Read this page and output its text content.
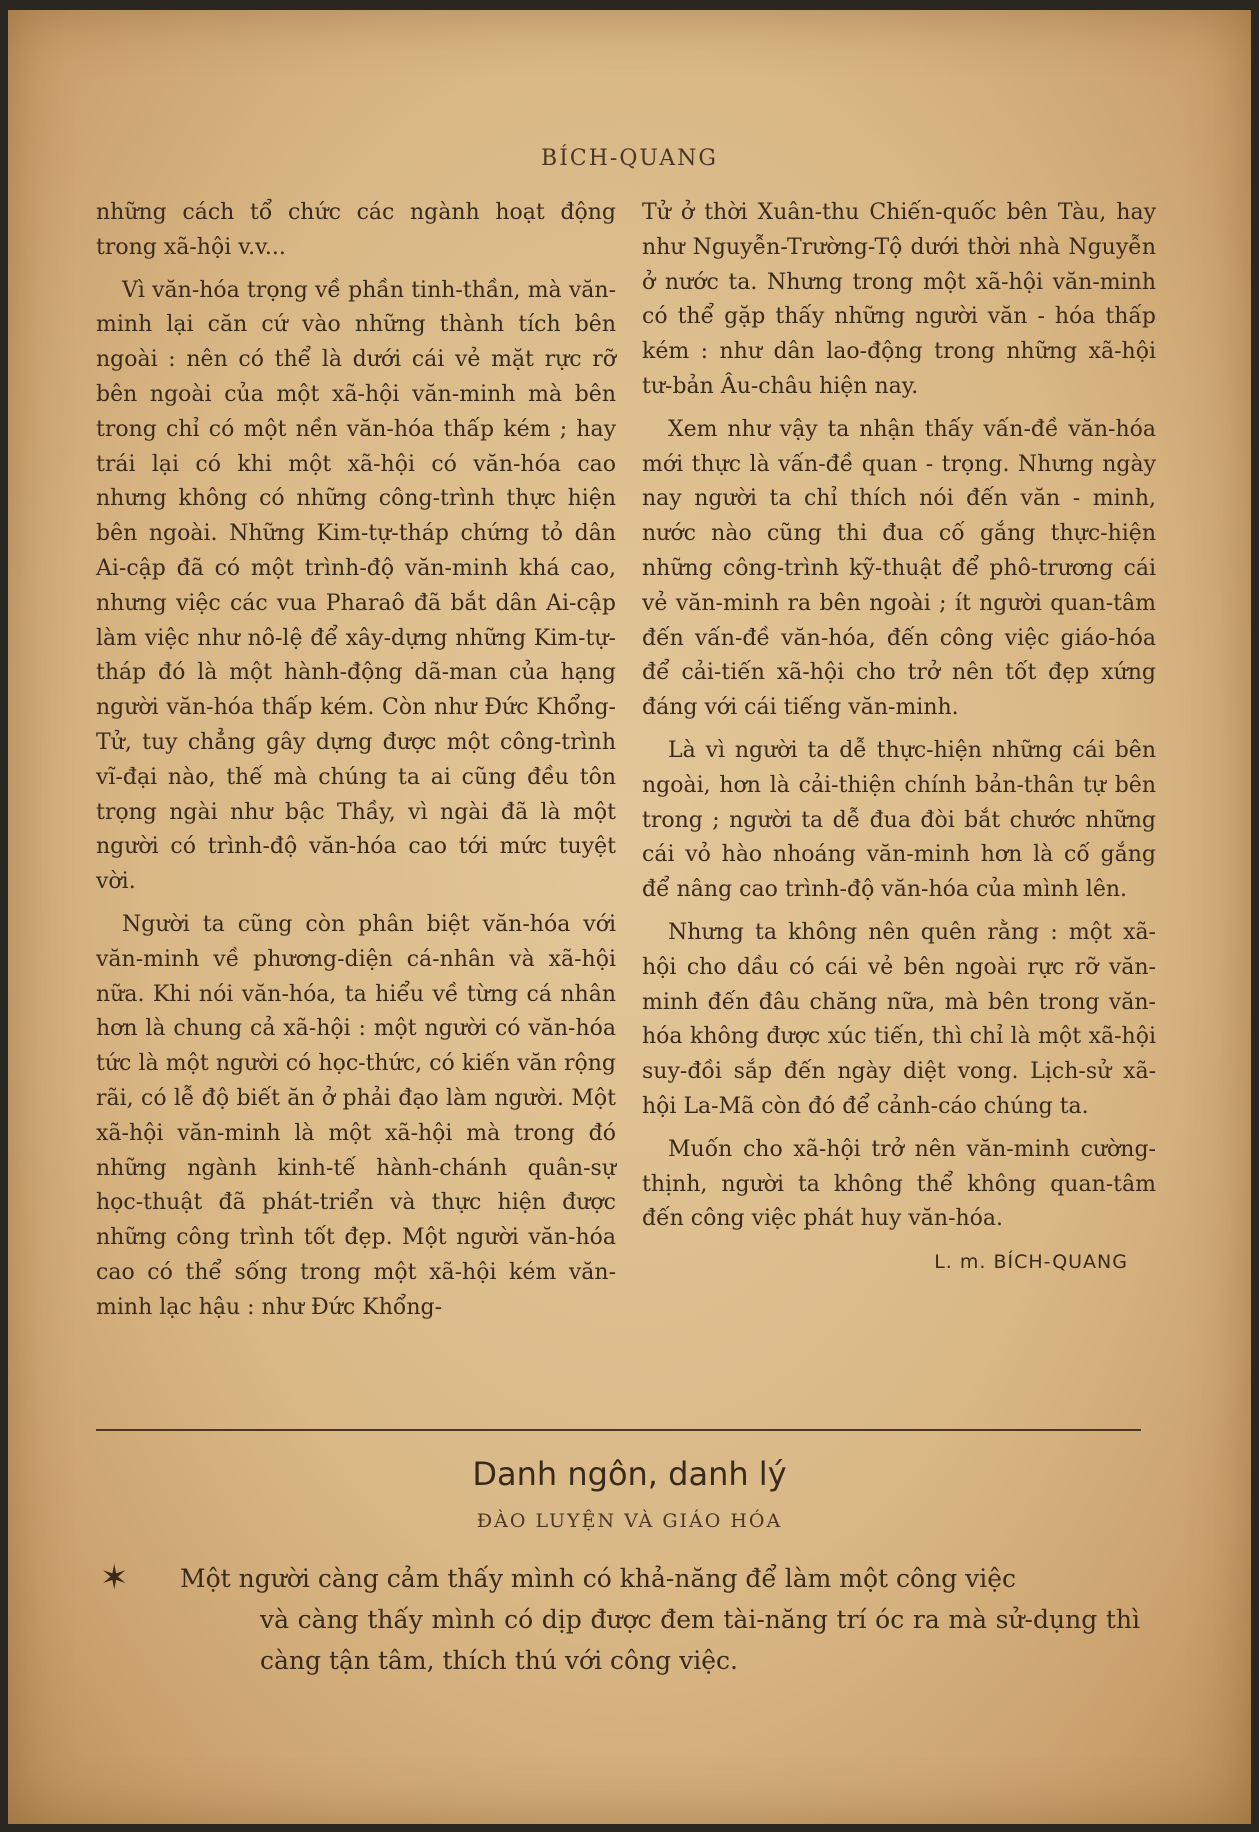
BÍCH-QUANG

những cách tổ chức các ngành hoạt động trong xã-hội v.v...

Vì văn-hóa trọng về phần tinh-thần, mà văn-minh lại căn cứ vào những thành tích bên ngoài : nên có thể là dưới cái vẻ mặt rực rỡ bên ngoài của một xã-hội văn-minh mà bên trong chỉ có một nền văn-hóa thấp kém ; hay trái lại có khi một xã-hội có văn-hóa cao nhưng không có những công-trình thực hiện bên ngoài. Những Kim-tự-tháp chứng tỏ dân Ai-cập đã có một trình-độ văn-minh khá cao, nhưng việc các vua Pharaô đã bắt dân Ai-cập làm việc như nô-lệ để xây-dựng những Kim-tự-tháp đó là một hành-động dã-man của hạng người văn-hóa thấp kém. Còn như Đức Khổng-Tử, tuy chẳng gây dựng được một công-trình vĩ-đại nào, thế mà chúng ta ai cũng đều tôn trọng ngài như bậc Thầy, vì ngài đã là một người có trình-độ văn-hóa cao tới mức tuyệt vời.

Người ta cũng còn phân biệt văn-hóa với văn-minh về phương-diện cá-nhân và xã-hội nữa. Khi nói văn-hóa, ta hiểu về từng cá nhân hơn là chung cả xã-hội : một người có văn-hóa tức là một người có học-thức, có kiến văn rộng rãi, có lễ độ biết ăn ở phải đạo làm người. Một xã-hội văn-minh là một xã-hội mà trong đó những ngành kinh-tế hành-chánh quân-sự học-thuật đã phát-triển và thực hiện được những công trình tốt đẹp. Một người văn-hóa cao có thể sống trong một xã-hội kém văn-minh lạc hậu : như Đức Khổng-

Tử ở thời Xuân-thu Chiến-quốc bên Tàu, hay như Nguyễn-Trường-Tộ dưới thời nhà Nguyễn ở nước ta. Nhưng trong một xã-hội văn-minh có thể gặp thấy những người văn - hóa thấp kém : như dân lao-động trong những xã-hội tư-bản Âu-châu hiện nay.

Xem như vậy ta nhận thấy vấn-đề văn-hóa mới thực là vấn-đề quan - trọng. Nhưng ngày nay người ta chỉ thích nói đến văn - minh, nước nào cũng thi đua cố gắng thực-hiện những công-trình kỹ-thuật để phô-trương cái vẻ văn-minh ra bên ngoài ; ít người quan-tâm đến vấn-đề văn-hóa, đến công việc giáo-hóa để cải-tiến xã-hội cho trở nên tốt đẹp xứng đáng với cái tiếng văn-minh.

Là vì người ta dễ thực-hiện những cái bên ngoài, hơn là cải-thiện chính bản-thân tự bên trong ; người ta dễ đua đòi bắt chước những cái vỏ hào nhoáng văn-minh hơn là cố gắng để nâng cao trình-độ văn-hóa của mình lên.

Nhưng ta không nên quên rằng : một xã-hội cho dầu có cái vẻ bên ngoài rực rỡ văn-minh đến đâu chăng nữa, mà bên trong văn-hóa không được xúc tiến, thì chỉ là một xã-hội suy-đồi sắp đến ngày diệt vong. Lịch-sử xã-hội La-Mã còn đó để cảnh-cáo chúng ta.

Muốn cho xã-hội trở nên văn-minh cường-thịnh, người ta không thể không quan-tâm đến công việc phát huy văn-hóa.

L. m. BÍCH-QUANG
Danh ngôn, danh lý
ĐÀO LUYỆN VÀ GIÁO HÓA
✶ Một người càng cảm thấy mình có khả-năng để làm một công việc
và càng thấy mình có dịp được đem tài-năng trí óc ra mà sử-dụng thì càng tận tâm, thích thú với công việc.
